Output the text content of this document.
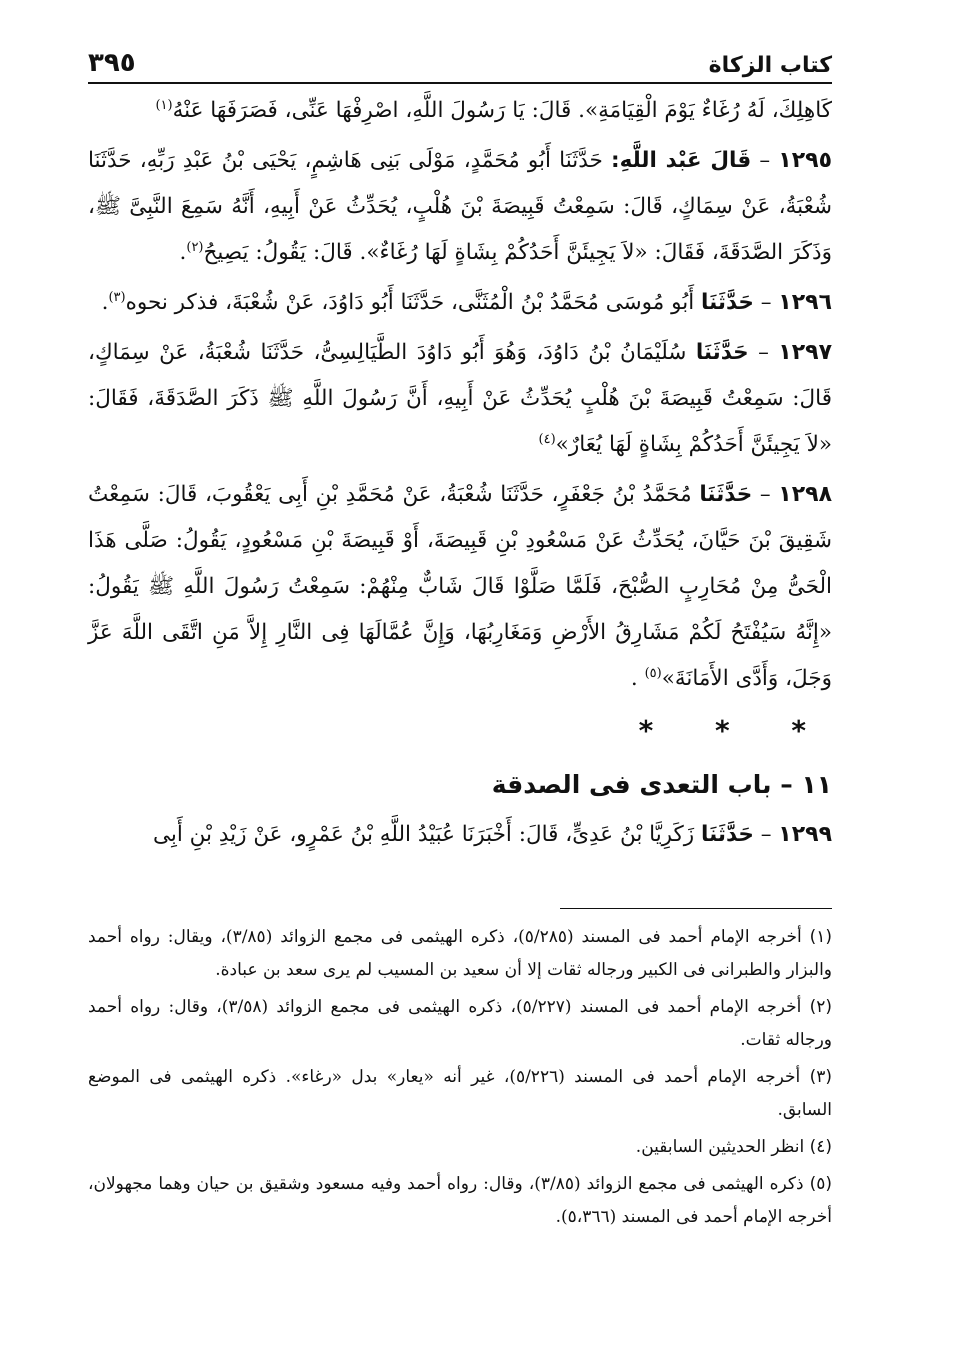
كتاب الزكاة
٣٩٥

كَاهِلِكَ، لَهُ رُغَاءٌ يَوْمَ الْقِيَامَةِ». قَالَ: يَا رَسُولَ اللَّهِ، اصْرِفْهَا عَنِّى، فَصَرَفَهَا عَنْهُ$^{(١)}$

١٢٩٥ – قَالَ عَبْد اللَّهِ: حَدَّثَنَا أَبُو مُحَمَّدٍ، مَوْلَى بَنِى هَاشِمٍ، يَحْيَى بْنُ عَبْدِ رَبِّهِ، حَدَّثَنَا شُعْبَةُ، عَنْ سِمَاكٍ، قَالَ: سَمِعْتُ قَبِيصَةَ بْنَ هُلْبٍ، يُحَدِّثُ عَنْ أَبِيهِ، أَنَّهُ سَمِعَ النَّبِىَّ ﷺ، وَذَكَرَ الصَّدَقَةَ، فَقَالَ: «لاَ يَجِيئَنَّ أَحَدُكُمْ بِشَاةٍ لَهَا رُغَاءٌ». قَالَ: يَقُولُ: يَصِيحُ$^{(٢)}$.

١٢٩٦ – حَدَّثَنَا أَبُو مُوسَى مُحَمَّدُ بْنُ الْمُثَنَّى، حَدَّثَنَا أَبُو دَاوُدَ، عَنْ شُعْبَةَ، فذكر نحوه$^{(٣)}$.

١٢٩٧ – حَدَّثَنَا سُلَيْمَانُ بْنُ دَاوُدَ، وَهُوَ أَبُو دَاوُدَ الطَّيَالِسِىُّ، حَدَّثَنَا شُعْبَةُ، عَنْ سِمَاكٍ، قَالَ: سَمِعْتُ قَبِيصَةَ بْنَ هُلْبٍ يُحَدِّثُ عَنْ أَبِيهِ، أَنَّ رَسُولَ اللَّهِ ﷺ ذَكَرَ الصَّدَقَةَ، فَقَالَ: «لاَ يَجِيئَنَّ أَحَدُكُمْ بِشَاةٍ لَهَا يُعَارٌ»$^{(٤)}$

١٢٩٨ – حَدَّثَنَا مُحَمَّدُ بْنُ جَعْفَرٍ، حَدَّثَنَا شُعْبَةُ، عَنْ مُحَمَّدِ بْنِ أَبِى يَعْقُوبَ، قَالَ: سَمِعْتُ شَقِيقَ بْنَ حَيَّانَ، يُحَدِّثُ عَنْ مَسْعُودِ بْنِ قَبِيصَةَ، أَوْ قَبِيصَةَ بْنِ مَسْعُودٍ، يَقُولُ: صَلَّى هَذَا الْحَىُّ مِنْ مُحَارِبٍ الصُّبْحَ، فَلَمَّا صَلَّوْا قَالَ شَابٌّ مِنْهُمْ: سَمِعْتُ رَسُولَ اللَّهِ ﷺ يَقُولُ: «إِنَّهُ سَيُفْتَحُ لَكُمْ مَشَارِقُ الأَرْضِ وَمَغَارِبُهَا، وَإِنَّ عُمَّالَهَا فِى النَّارِ إِلاَّ مَنِ اتَّقَى اللَّهَ عَزَّ وَجَلَ، وَأَدَّى الأَمَانَةَ»$^{(٥)}$ .

* * *
١١ – باب التعدى فى الصدقة

١٢٩٩ – حَدَّثَنَا زَكَرِيَّا بْنُ عَدِىٍّ، قَالَ: أَخْبَرَنَا عُبَيْدُ اللَّهِ بْنُ عَمْرٍو، عَنْ زَيْدِ بْنِ أَبِى

(١) أخرجه الإمام أحمد فى المسند (٥/٢٨٥)، ذكره الهيثمى فى مجمع الزوائد (٣/٨٥)، ويقال: رواه أحمد والبزار والطبرانى فى الكبير ورجاله ثقات إلا أن سعيد بن المسيب لم يرى سعد بن عبادة.

(٢) أخرجه الإمام أحمد فى المسند (٥/٢٢٧)، ذكره الهيثمى فى مجمع الزوائد (٣/٥٨)، وقال: رواه أحمد ورجاله ثقات.

(٣) أخرجه الإمام أحمد فى المسند (٥/٢٢٦)، غير أنه «يعار» بدل «رغاء». ذكره الهيثمى فى الموضع السابق.

(٤) انظر الحديثين السابقين.

(٥) ذكره الهيثمى فى مجمع الزوائد (٣/٨٥)، وقال: رواه أحمد وفيه مسعود وشقيق بن حيان وهما مجهولان، أخرجه الإمام أحمد فى المسند (٥،٣٦٦).
